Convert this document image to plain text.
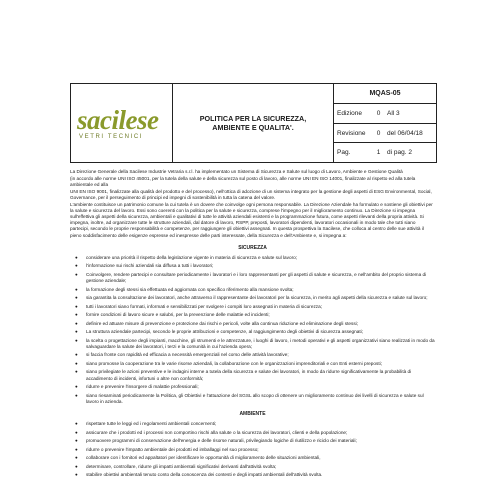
sacilese
VETRI TECNICI
POLITICA PER LA SICUREZZA,
AMBIENTE E QUALITA'.
MQAS-05
Edizione	0	All 3
Revisione	0	del 06/04/18
Pag.	1	di pag. 2

La Direzione Generale della Sacilese Industrie Vetraria s.r.l. ha implementato un Sistema di Sicurezza e Salute sul luogo di Lavoro, Ambiente e Gestione Qualità

(in accordo alle norme UNI ISO 45001, per la tutela della salute e della sicurezza sul posto di lavoro, alle norme UNI EN ISO 14001, finalizzate al rispetto ed alla tutela ambientale ed alla

UNI EN ISO 9001, finalizzate alla qualità del prodotto e del processo), nell'ottica di adozione di un sistema integrato per la gestione degli aspetti di ESG Environmental, Social, Governance, per il perseguimento di principi ed impegni di sostenibilità in tutta la catena del valore.

L'ambiente costituisce un patrimonio comune la cui tutela è un dovere che coinvolge ogni persona responsabile. La Direzione Aziendale ha formulato e sostiene gli obiettivi per la salute e sicurezza del lavoro. Essi sono coerenti con la politica per la salute e sicurezza, comprese l'impegno per il miglioramento continuo. La Direzione si impegna sull'effettiva gli aspetti della sicurezza, ambientali e qualitativi di tutte le attività aziendali esistenti e la programmazione futura, come aspetti rilevanti della propria attività. Si impegna, inoltre, ad organizzare tutte le strutture aziendali, dal datore di lavoro, RSPP, preposti, lavoratori dipendenti, lavoratori occasionali in modo tale che tutti siano partecipi, secondo le proprie responsabilità e competenze, per raggiungere gli obiettivi assegnati. In questa prospettiva la Sacilese, che colloca al centro delle sue attività il pieno soddisfacimento delle esigenze espresse ed inespresse delle parti interessate, della Sicurezza e dell'Ambiente e, si impegna a:

SICUREZZA
● considerare una priorità il rispetto della legislazione vigente in materia di sicurezza e salute sul lavoro;
● l'informazione sui rischi aziendali sia diffusa a tutti i lavoratori;
● Coinvolgere, rendere partecipi e consultare periodicamente i lavoratori e i loro rappresentanti per gli aspetti di salute e sicurezza, e nell'ambito del proprio sistema di gestione aziendale;
● la formazione degli stessi sia effettuata ed aggiornata con specifico riferimento alla mansione svolta;
● sia garantita la consultazione dei lavoratori, anche attraverso il rappresentante dei lavoratori per la sicurezza, in merito agli aspetti della sicurezza e salute sul lavoro;
● tutti i lavoratori siano formati, informati e sensibilizzati per svolgere i compiti loro assegnati in materia di sicurezza;
● fornire condizioni di lavoro sicure e salubri, per la prevenzione delle malattie ed incidenti;
● definire ed attuare misure di prevenzione e protezione dai rischi e pericoli, volte alla continua riduzione ed eliminazione degli stessi;
● La struttura aziendale partecipi, secondo le proprie attribuzioni e competenze, al raggiungimento degli obiettivi di sicurezza assegnati;
● la scelta o progettazione degli impianti, macchine, gli strumenti e le attrezzature, i luoghi di lavoro, i metodi operativi e gli aspetti organizzativi siano realizzati in modo da salvaguardare la salute dei lavoratori, i terzi e la comunità in cui l'azienda opera;
● si faccia fronte con rapidità ed efficacia a necessità emergenziali nel corso delle attività lavorative;
● siano promosse la cooperazione tra le varie risorse aziendali, la collaborazione con le organizzazioni imprenditoriali e con Enti esterni preposti;
● siano privilegiate le azioni preventive e le indagini interne a tutela della sicurezza e salute dei lavoratori, in modo da ridurre significativamente la probabilità di accadimento di incidenti, infortuni o altre non conformità;
● ridurre e prevenire l'insorgere di malattie professionali;
● siano riesaminati periodicamente la Politica, gli Obiettivi e l'attuazione del SGSL allo scopo di ottenere un miglioramento continuo dei livelli di sicurezza e salute sul lavoro in azienda.
AMBIENTE
● rispettare tutte le leggi ed i regolamenti ambientali concernenti;
● assicurare che i prodotti ed i processi non comportino rischi alla salute o la sicurezza dei lavoratori, clienti e della popolazione;
● promuovere programmi di conservazione dell'energia e delle risorse naturali, privilegiando logiche di riutilizzo e riciclo dei materiali;
● ridurre o prevenire l'impatto ambientale dei prodotti ed imballaggi nel suo processo;
● collaborare con i fornitori ed appaltatori per identificare le opportunità di miglioramento delle situazioni ambientali,
● determinare, controllare, ridurre gli impatti ambientali significativi derivanti dall'attività svolta;
● stabilire obiettivi ambientali tenuto conto della conoscenza dei contesti e degli impatti ambientali dell'attività svolta.
